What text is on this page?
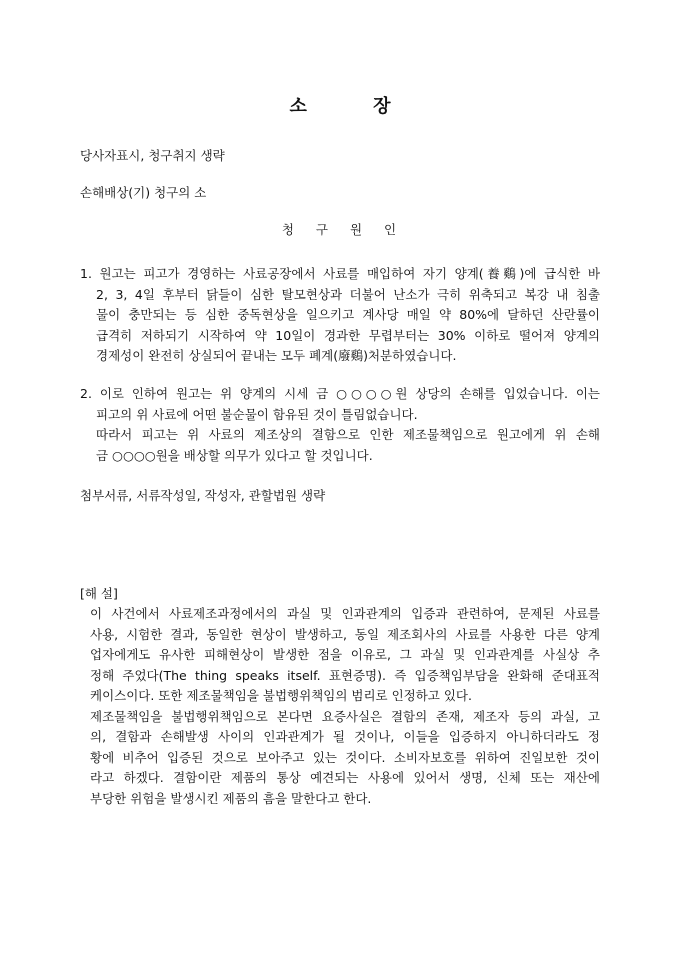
소 장
당사자표시, 청구취지 생략
손해배상(기) 청구의 소
청 구 원 인
1. 원고는 피고가 경영하는 사료공장에서 사료를 매입하여 자기 양계(養鷄)에 급식한 바
2, 3, 4일 후부터 닭들이 심한 탈모현상과 더불어 난소가 극히 위축되고 복강 내 침출
물이 충만되는 등 심한 중독현상을 일으키고 계사당 매일 약 80%에 달하던 산란률이
급격히 저하되기 시작하여 약 10일이 경과한 무렵부터는 30% 이하로 떨어져 양계의
경제성이 완전히 상실되어 끝내는 모두 폐계(廢鷄)처분하였습니다.
2. 이로 인하여 원고는 위 양계의 시세 금 ○○○○원 상당의 손해를 입었습니다. 이는
피고의 위 사료에 어떤 불순물이 함유된 것이 틀림없습니다.
따라서 피고는 위 사료의 제조상의 결함으로 인한 제조물책임으로 원고에게 위 손해
금 ○○○○원을 배상할 의무가 있다고 할 것입니다.
첨부서류, 서류작성일, 작성자, 관할법원 생략
[해 설]
이 사건에서 사료제조과정에서의 과실 및 인과관계의 입증과 관련하여, 문제된 사료를
사용, 시험한 결과, 동일한 현상이 발생하고, 동일 제조회사의 사료를 사용한 다른 양계
업자에게도 유사한 피해현상이 발생한 점을 이유로, 그 과실 및 인과관계를 사실상 추
정해 주었다(The thing speaks itself. 표현증명). 즉 입증책임부담을 완화해 준대표적
케이스이다. 또한 제조물책임을 불법행위책임의 범리로 인정하고 있다.
제조물책임을 불법행위책임으로 본다면 요증사실은 결함의 존재, 제조자 등의 과실, 고
의, 결함과 손해발생 사이의 인과관계가 될 것이나, 이들을 입증하지 아니하더라도 정
황에 비추어 입증된 것으로 보아주고 있는 것이다. 소비자보호를 위하여 진일보한 것이
라고 하겠다. 결함이란 제품의 통상 예견되는 사용에 있어서 생명, 신체 또는 재산에
부당한 위험을 발생시킨 제품의 흠을 말한다고 한다.
